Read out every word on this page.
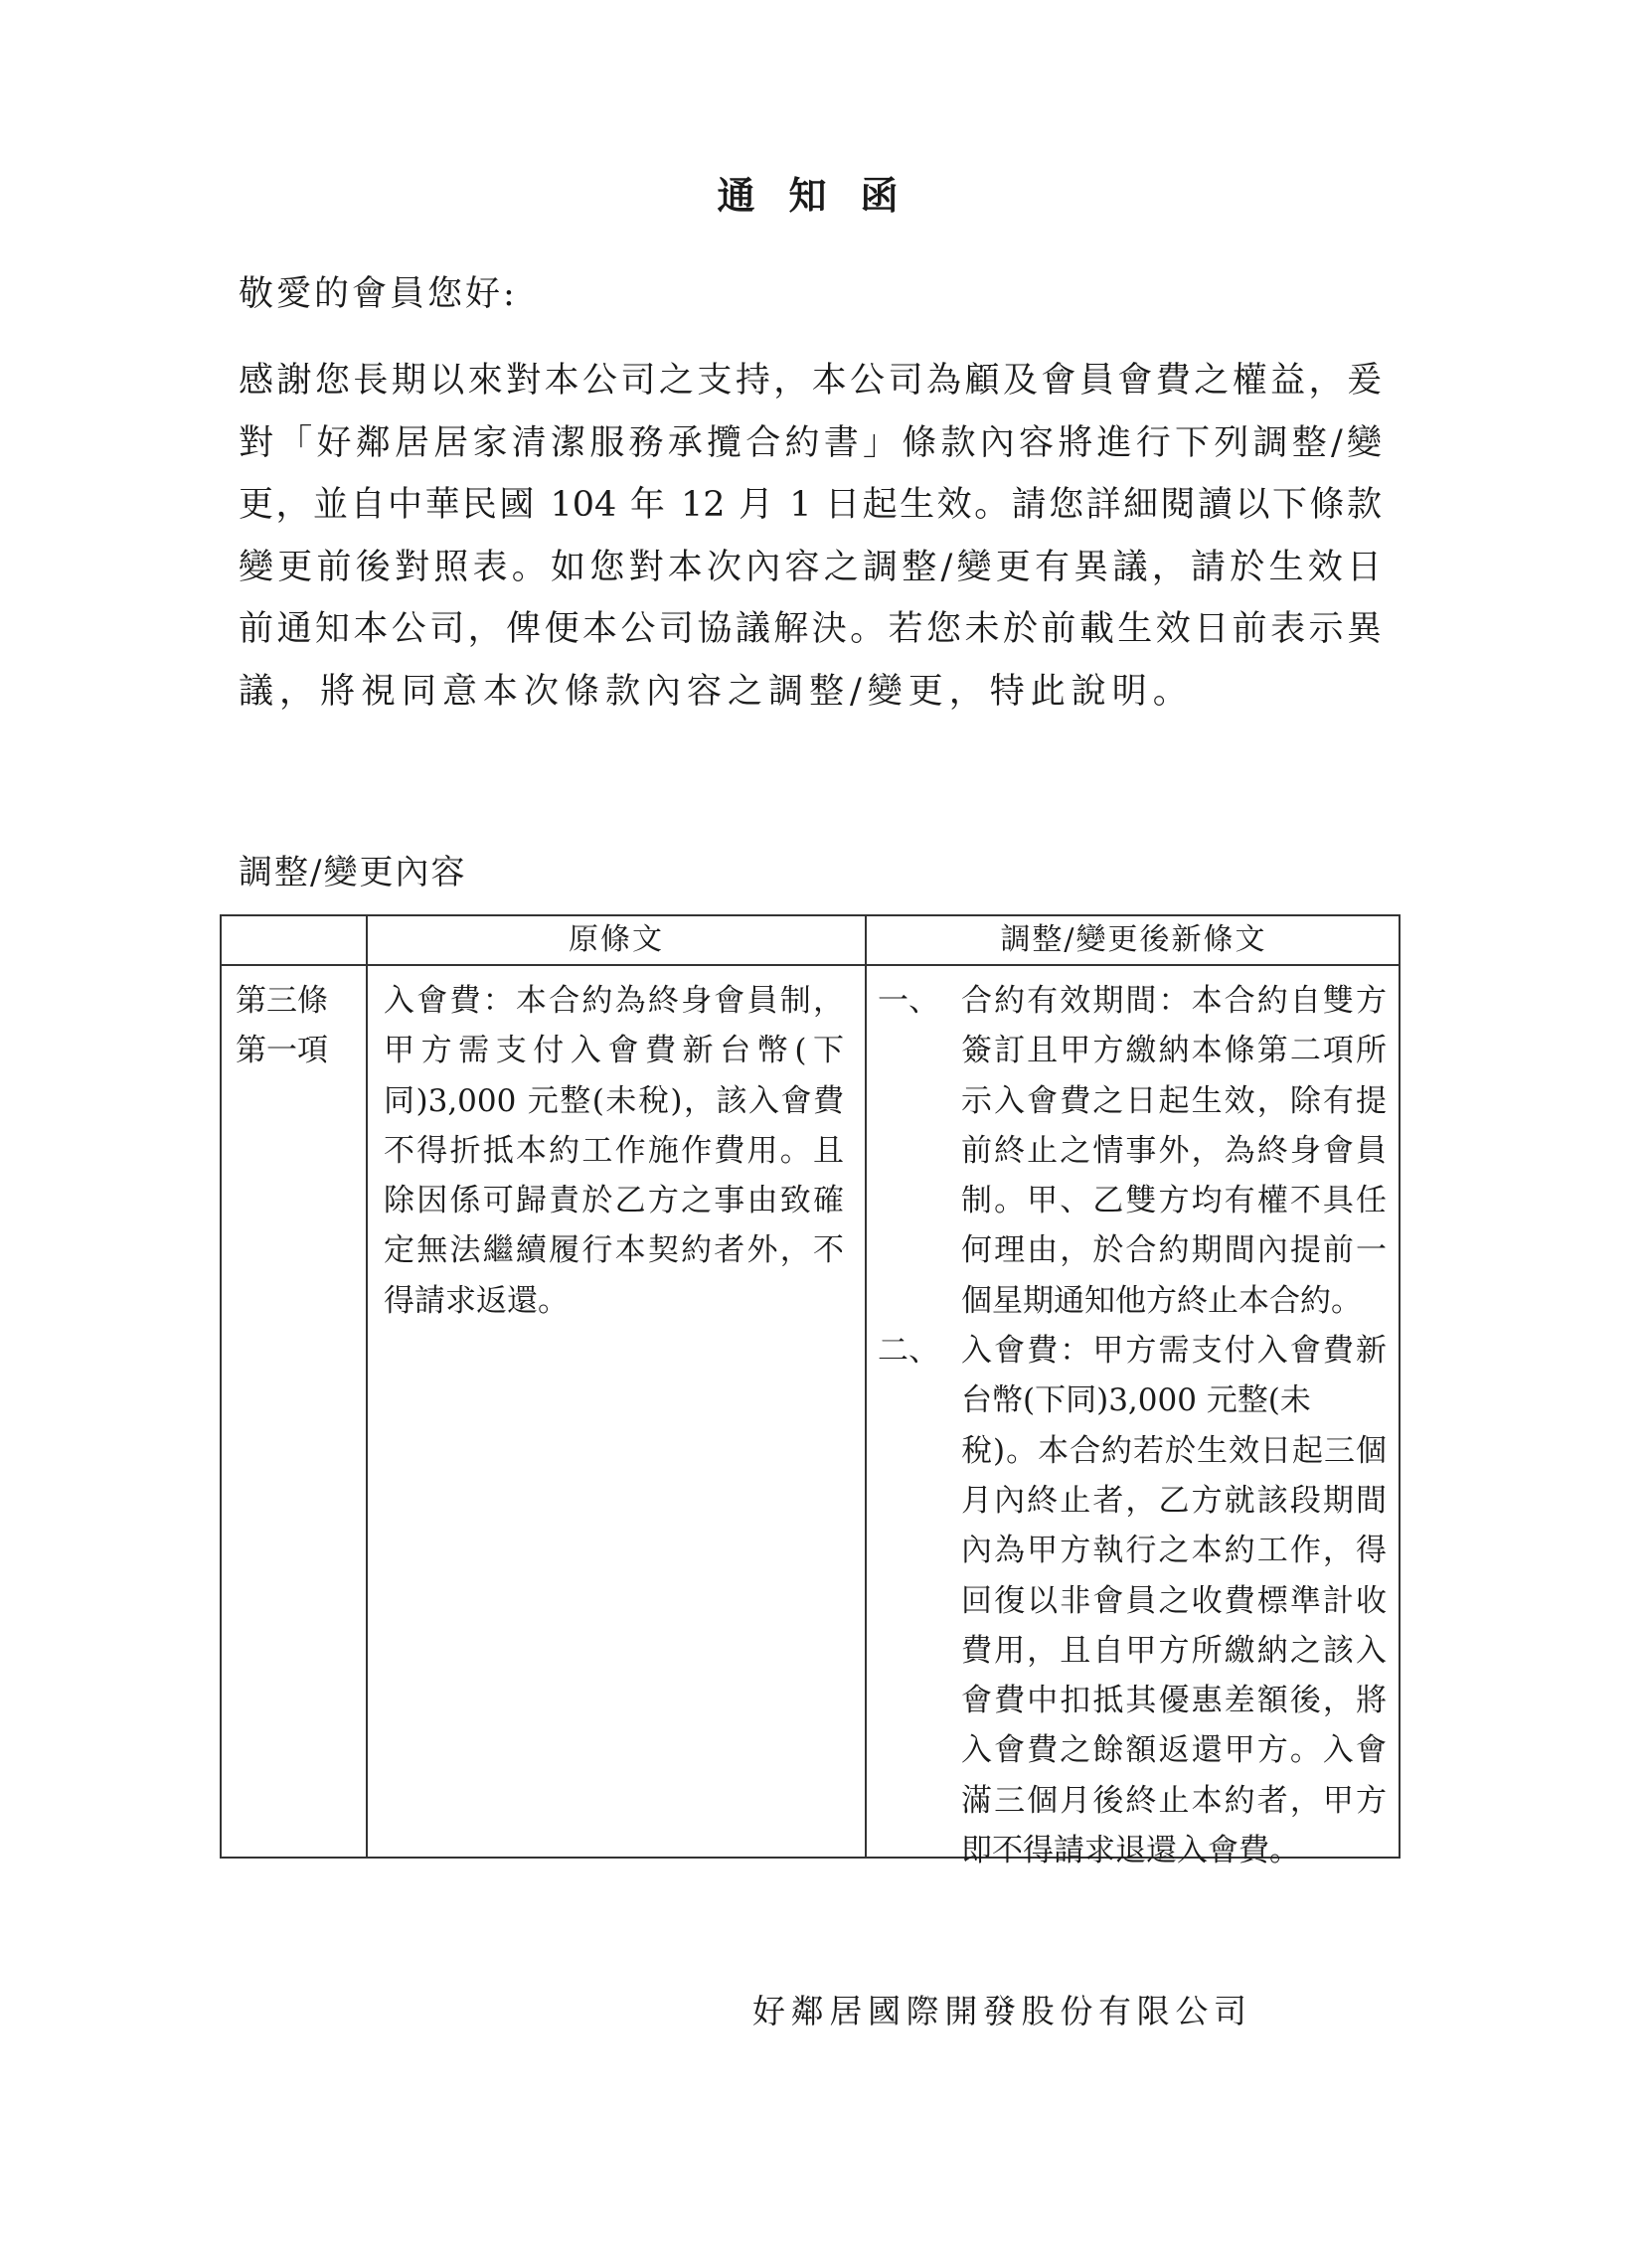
通知函
敬愛的會員您好:
感謝您長期以來對本公司之支持，本公司為顧及會員會費之權益，爰
對「好鄰居居家清潔服務承攬合約書」條款內容將進行下列調整/變
更，並自中華民國 104 年 12 月 1 日起生效。請您詳細閱讀以下條款
變更前後對照表。如您對本次內容之調整/變更有異議，請於生效日
前通知本公司，俾便本公司協議解決。若您未於前載生效日前表示異
議，將視同意本次條款內容之調整/變更，特此說明。
調整/變更內容
原條文	調整/變更後新條文
第三條
第一項
入會費：本合約為終身會員制，
甲方需支付入會費新台幣(下
同)3,000 元整(未稅)，該入會費
不得折抵本約工作施作費用。且
除因係可歸責於乙方之事由致確
定無法繼續履行本契約者外，不
得請求返還。
一、 合約有效期間：本合約自雙方
簽訂且甲方繳納本條第二項所
示入會費之日起生效，除有提
前終止之情事外，為終身會員
制。甲、乙雙方均有權不具任
何理由，於合約期間內提前一
個星期通知他方終止本合約。
二、 入會費：甲方需支付入會費新
台幣(下同)3,000 元整(未
稅)。本合約若於生效日起三個
月內終止者，乙方就該段期間
內為甲方執行之本約工作，得
回復以非會員之收費標準計收
費用，且自甲方所繳納之該入
會費中扣抵其優惠差額後，將
入會費之餘額返還甲方。入會
滿三個月後終止本約者，甲方
即不得請求退還入會費。
好鄰居國際開發股份有限公司
